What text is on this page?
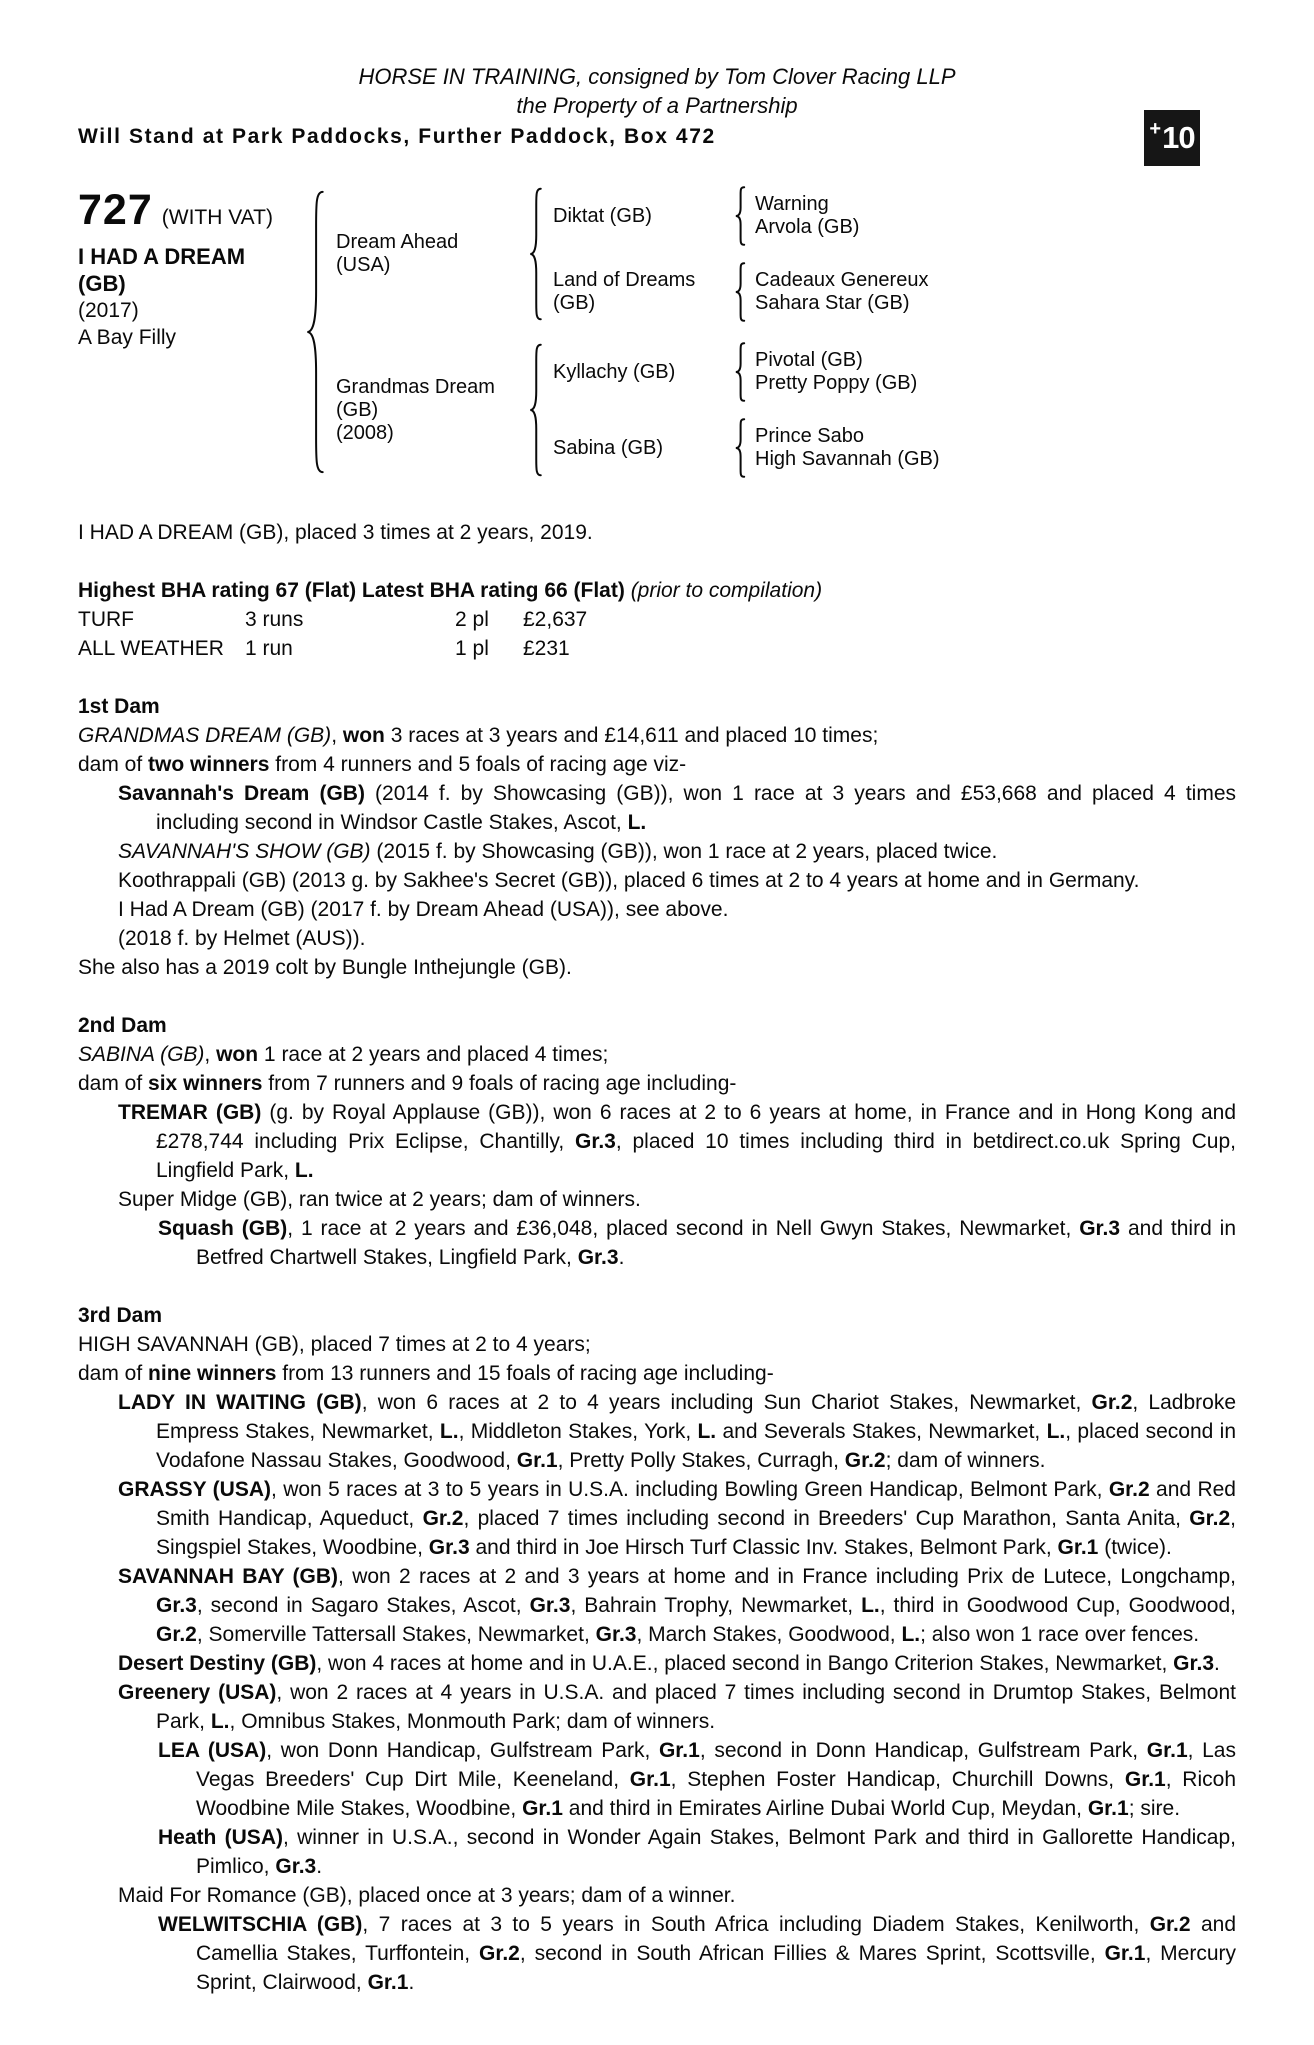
HORSE IN TRAINING, consigned by Tom Clover Racing LLP
the Property of a Partnership
Will Stand at Park Paddocks, Further Paddock, Box 472	+ 10
727 (WITH VAT)
I HAD A DREAM (GB)
(2017)
A Bay Filly
Dream Ahead (USA)
Diktat (GB)
Warning
Arvola (GB)
Land of Dreams (GB)
Cadeaux Genereux
Sahara Star (GB)
Grandmas Dream (GB)
(2008)
Kyllachy (GB)
Pivotal (GB)
Pretty Poppy (GB)
Sabina (GB)
Prince Sabo
High Savannah (GB)
I HAD A DREAM (GB), placed 3 times at 2 years, 2019.
Highest BHA rating 67 (Flat) Latest BHA rating 66 (Flat) (prior to compilation)
TURF	3 runs	2 pl	£2,637
ALL WEATHER	1 run	1 pl	£231
1st Dam

GRANDMAS DREAM (GB), won 3 races at 3 years and £14,611 and placed 10 times;

dam of two winners from 4 runners and 5 foals of racing age viz-

Savannah's Dream (GB) (2014 f. by Showcasing (GB)), won 1 race at 3 years and £53,668 and placed 4 times including second in Windsor Castle Stakes, Ascot, L.

SAVANNAH'S SHOW (GB) (2015 f. by Showcasing (GB)), won 1 race at 2 years, placed twice.

Koothrappali (GB) (2013 g. by Sakhee's Secret (GB)), placed 6 times at 2 to 4 years at home and in Germany.

I Had A Dream (GB) (2017 f. by Dream Ahead (USA)), see above.

(2018 f. by Helmet (AUS)).

She also has a 2019 colt by Bungle Inthejungle (GB).

2nd Dam

SABINA (GB), won 1 race at 2 years and placed 4 times;

dam of six winners from 7 runners and 9 foals of racing age including-

TREMAR (GB) (g. by Royal Applause (GB)), won 6 races at 2 to 6 years at home, in France and in Hong Kong and £278,744 including Prix Eclipse, Chantilly, Gr.3, placed 10 times including third in betdirect.co.uk Spring Cup, Lingfield Park, L.

Super Midge (GB), ran twice at 2 years; dam of winners.

Squash (GB), 1 race at 2 years and £36,048, placed second in Nell Gwyn Stakes, Newmarket, Gr.3 and third in Betfred Chartwell Stakes, Lingfield Park, Gr.3.

3rd Dam

HIGH SAVANNAH (GB), placed 7 times at 2 to 4 years;

dam of nine winners from 13 runners and 15 foals of racing age including-

LADY IN WAITING (GB), won 6 races at 2 to 4 years including Sun Chariot Stakes, Newmarket, Gr.2, Ladbroke Empress Stakes, Newmarket, L., Middleton Stakes, York, L. and Severals Stakes, Newmarket, L., placed second in Vodafone Nassau Stakes, Goodwood, Gr.1, Pretty Polly Stakes, Curragh, Gr.2; dam of winners.

GRASSY (USA), won 5 races at 3 to 5 years in U.S.A. including Bowling Green Handicap, Belmont Park, Gr.2 and Red Smith Handicap, Aqueduct, Gr.2, placed 7 times including second in Breeders' Cup Marathon, Santa Anita, Gr.2, Singspiel Stakes, Woodbine, Gr.3 and third in Joe Hirsch Turf Classic Inv. Stakes, Belmont Park, Gr.1 (twice).

SAVANNAH BAY (GB), won 2 races at 2 and 3 years at home and in France including Prix de Lutece, Longchamp, Gr.3, second in Sagaro Stakes, Ascot, Gr.3, Bahrain Trophy, Newmarket, L., third in Goodwood Cup, Goodwood, Gr.2, Somerville Tattersall Stakes, Newmarket, Gr.3, March Stakes, Goodwood, L.; also won 1 race over fences.

Desert Destiny (GB), won 4 races at home and in U.A.E., placed second in Bango Criterion Stakes, Newmarket, Gr.3.

Greenery (USA), won 2 races at 4 years in U.S.A. and placed 7 times including second in Drumtop Stakes, Belmont Park, L., Omnibus Stakes, Monmouth Park; dam of winners.

LEA (USA), won Donn Handicap, Gulfstream Park, Gr.1, second in Donn Handicap, Gulfstream Park, Gr.1, Las Vegas Breeders' Cup Dirt Mile, Keeneland, Gr.1, Stephen Foster Handicap, Churchill Downs, Gr.1, Ricoh Woodbine Mile Stakes, Woodbine, Gr.1 and third in Emirates Airline Dubai World Cup, Meydan, Gr.1; sire.

Heath (USA), winner in U.S.A., second in Wonder Again Stakes, Belmont Park and third in Gallorette Handicap, Pimlico, Gr.3.

Maid For Romance (GB), placed once at 3 years; dam of a winner.

WELWITSCHIA (GB), 7 races at 3 to 5 years in South Africa including Diadem Stakes, Kenilworth, Gr.2 and Camellia Stakes, Turffontein, Gr.2, second in South African Fillies & Mares Sprint, Scottsville, Gr.1, Mercury Sprint, Clairwood, Gr.1.
